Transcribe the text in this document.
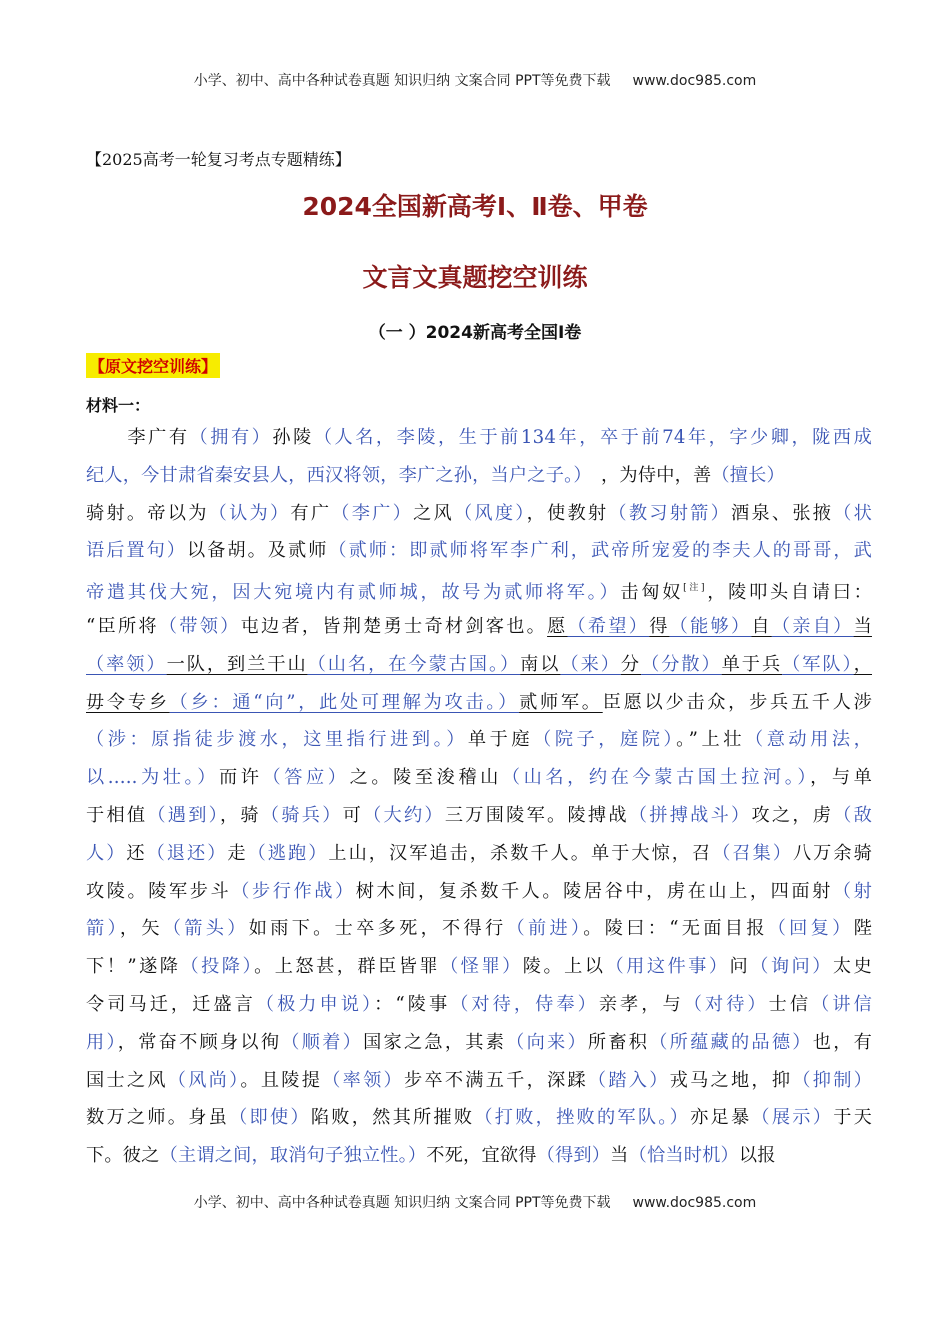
小学、初中、高中各种试卷真题 知识归纳 文案合同 PPT等免费下载 www.doc985.com
【2025高考一轮复习考点专题精练】
2024全国新高考Ⅰ、Ⅱ卷、甲卷
文言文真题挖空训练
（一 ）2024新高考全国Ⅰ卷
【原文挖空训练】
材料一：
　　李广有（拥有）孙陵（人名，李陵，生于前134年，卒于前74年，字少卿，陇西成
纪人，今甘肃省秦安县人，西汉将领，李广之孙，当户之子。）　，为侍中，善（擅长）
骑射。帝以为（认为）有广（李广）之风（风度），使教射（教习射箭）酒泉、张掖（状
语后置句）以备胡。及贰师（贰师：即贰师将军李广利，武帝所宠爱的李夫人的哥哥，武
帝遣其伐大宛，因大宛境内有贰师城，故号为贰师将军。）击匈奴[注]，陵叩头自请曰：
“臣所将（带领）屯边者，皆荆楚勇士奇材剑客也。愿（希望）得（能够）自（亲自）当
（率领）一队，到兰干山（山名，在今蒙古国。）南以（来）分（分散）单于兵（军队），
毋令专乡（乡：通“向”，此处可理解为攻击。）贰师军。臣愿以少击众，步兵五千人涉
（涉：原指徒步渡水，这里指行进到。）单于庭（院子，庭院）。”上壮（意动用法，
以.....为壮。）而许（答应）之。陵至浚稽山（山名，约在今蒙古国土拉河。），与单
于相值（遇到），骑（骑兵）可（大约）三万围陵军。陵搏战（拼搏战斗）攻之，虏（敌
人）还（退还）走（逃跑）上山，汉军追击，杀数千人。单于大惊，召（召集）八万余骑
攻陵。陵军步斗（步行作战）树木间，复杀数千人。陵居谷中，虏在山上，四面射（射
箭），矢（箭头）如雨下。士卒多死，不得行（前进）。陵曰：“无面目报（回复）陛
下！”遂降（投降）。上怒甚，群臣皆罪（怪罪）陵。上以（用这件事）问（询问）太史
令司马迁，迁盛言（极力申说）：“陵事（对待，侍奉）亲孝，与（对待）士信（讲信
用），常奋不顾身以徇（顺着）国家之急，其素（向来）所畜积（所蕴藏的品德）也，有
国士之风（风尚）。且陵提（率领）步卒不满五千，深蹂（踏入）戎马之地，抑（抑制）
数万之师。身虽（即使）陷败，然其所摧败（打败，挫败的军队。）亦足暴（展示）于天
下。彼之（主谓之间，取消句子独立性。）不死，宜欲得（得到）当（恰当时机）以报
小学、初中、高中各种试卷真题 知识归纳 文案合同 PPT等免费下载 www.doc985.com
